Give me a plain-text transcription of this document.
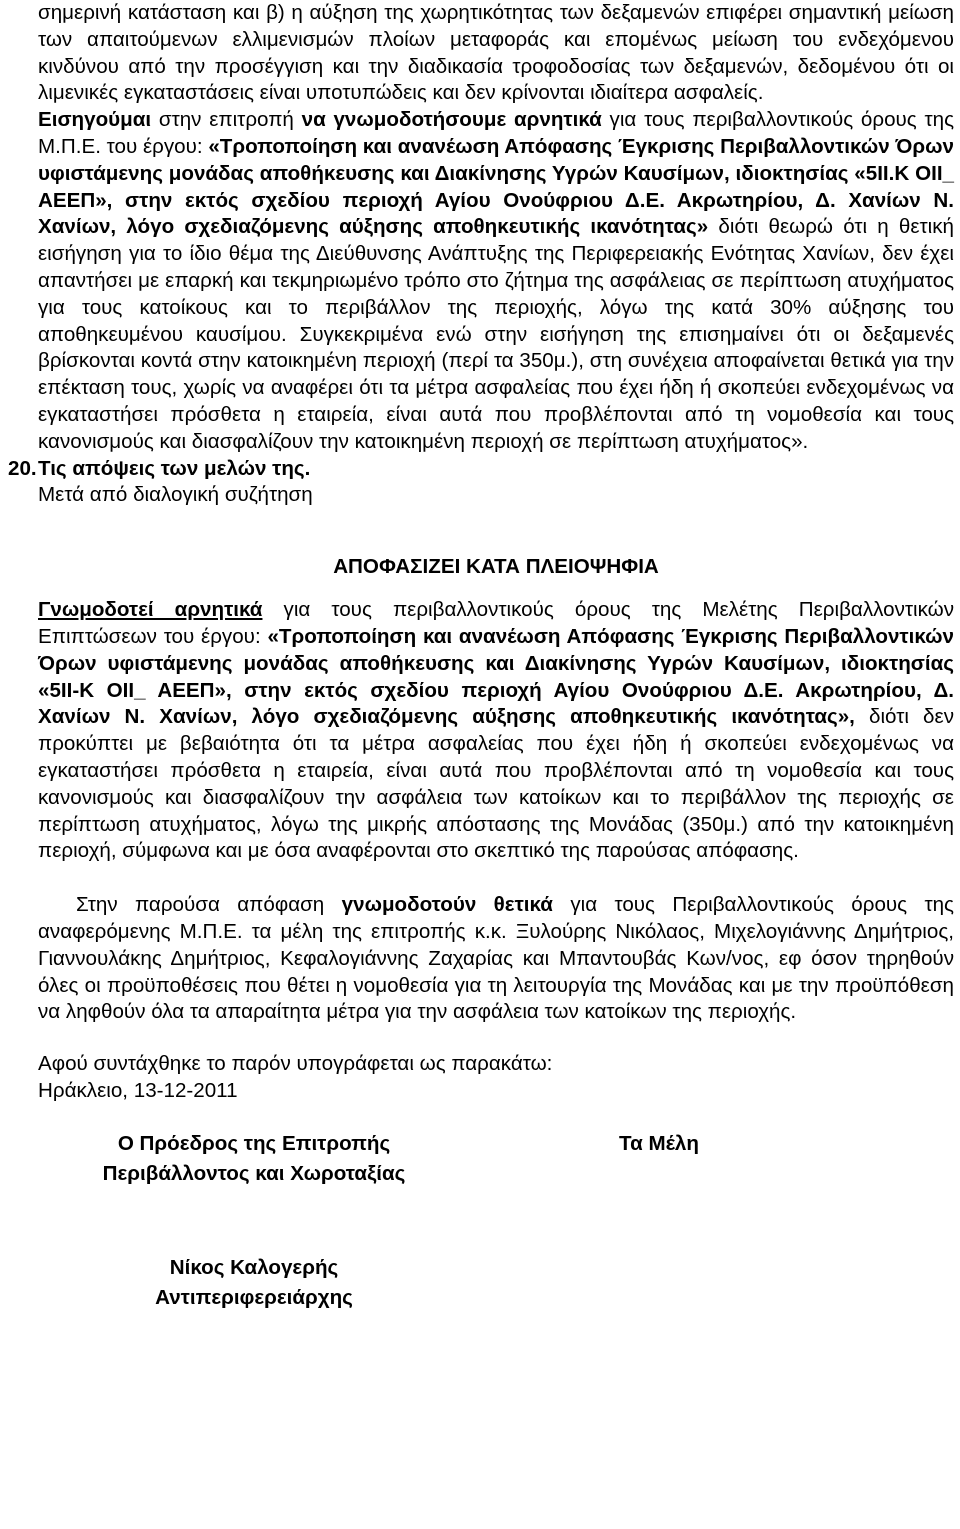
σημερινή κατάσταση και β) η αύξηση της χωρητικότητας των δεξαμενών επιφέρει σημαντική μείωση των απαιτούμενων ελλιμενισμών πλοίων μεταφοράς και επομένως μείωση του ενδεχόμενου κινδύνου από την προσέγγιση και την διαδικασία τροφοδοσίας των δεξαμενών, δεδομένου ότι οι λιμενικές εγκαταστάσεις είναι υποτυπώδεις και δεν κρίνονται ιδιαίτερα ασφαλείς.

Εισηγούμαι στην επιτροπή να γνωμοδοτήσουμε αρνητικά για τους περιβαλλοντικούς όρους της Μ.Π.Ε. του έργου: «Τροποποίηση και ανανέωση Απόφασης Έγκρισης Περιβαλλοντικών Όρων υφιστάμενης μονάδας αποθήκευσης και Διακίνησης Υγρών Καυσίμων, ιδιοκτησίας «5ΙΙ.Κ ΟΙΙ_ ΑΕΕΠ», στην εκτός σχεδίου περιοχή Αγίου Ονούφριου Δ.Ε. Ακρωτηρίου, Δ. Χανίων Ν. Χανίων, λόγο σχεδιαζόμενης αύξησης αποθηκευτικής ικανότητας» διότι θεωρώ ότι η θετική εισήγηση για το ίδιο θέμα της Διεύθυνσης Ανάπτυξης της Περιφερειακής Ενότητας Χανίων, δεν έχει απαντήσει με επαρκή και τεκμηριωμένο τρόπο στο ζήτημα της ασφάλειας σε περίπτωση ατυχήματος για τους κατοίκους και το περιβάλλον της περιοχής, λόγω της κατά 30% αύξησης του αποθηκευμένου καυσίμου. Συγκεκριμένα ενώ στην εισήγηση της επισημαίνει ότι οι δεξαμενές βρίσκονται κοντά στην κατοικημένη περιοχή (περί τα 350μ.), στη συνέχεια αποφαίνεται θετικά για την επέκταση τους, χωρίς να αναφέρει ότι τα μέτρα ασφαλείας που έχει ήδη ή σκοπεύει ενδεχομένως να εγκαταστήσει πρόσθετα η εταιρεία, είναι αυτά που προβλέπονται από τη νομοθεσία και τους κανονισμούς και διασφαλίζουν την κατοικημένη περιοχή σε περίπτωση ατυχήματος».

20.Τις απόψεις των μελών της.

Μετά από διαλογική συζήτηση

ΑΠΟΦΑΣΙΖΕΙ ΚΑΤΑ ΠΛΕΙΟΨΗΦΙΑ

Γνωμοδοτεί αρνητικά για τους περιβαλλοντικούς όρους της Μελέτης Περιβαλλοντικών Επιπτώσεων του έργου: «Τροποποίηση και ανανέωση Απόφασης Έγκρισης Περιβαλλοντικών Όρων υφιστάμενης μονάδας αποθήκευσης και Διακίνησης Υγρών Καυσίμων, ιδιοκτησίας «5ΙΙ-Κ ΟΙΙ_ ΑΕΕΠ», στην εκτός σχεδίου περιοχή Αγίου Ονούφριου Δ.Ε. Ακρωτηρίου, Δ. Χανίων Ν. Χανίων, λόγο σχεδιαζόμενης αύξησης αποθηκευτικής ικανότητας», διότι δεν προκύπτει με βεβαιότητα ότι τα μέτρα ασφαλείας που έχει ήδη ή σκοπεύει ενδεχομένως να εγκαταστήσει πρόσθετα η εταιρεία, είναι αυτά που προβλέπονται από τη νομοθεσία και τους κανονισμούς και διασφαλίζουν την ασφάλεια των κατοίκων και το περιβάλλον της περιοχής σε περίπτωση ατυχήματος, λόγω της μικρής απόστασης της Μονάδας (350μ.) από την κατοικημένη περιοχή, σύμφωνα και με όσα αναφέρονται στο σκεπτικό της παρούσας απόφασης.

Στην παρούσα απόφαση γνωμοδοτούν θετικά για τους Περιβαλλοντικούς όρους της αναφερόμενης Μ.Π.Ε. τα μέλη της επιτροπής κ.κ. Ξυλούρης Νικόλαος, Μιχελογιάννης Δημήτριος, Γιαννουλάκης Δημήτριος, Κεφαλογιάννης Ζαχαρίας και Μπαντουβάς Κων/νος, εφ όσον τηρηθούν όλες οι προϋποθέσεις που θέτει η νομοθεσία για τη λειτουργία της Μονάδας και με την προϋπόθεση να ληφθούν όλα τα απαραίτητα μέτρα για την ασφάλεια των κατοίκων της περιοχής.

Αφού συντάχθηκε το παρόν υπογράφεται ως παρακάτω:

Ηράκλειο, 13-12-2011

Ο Πρόεδρος της Επιτροπής
Περιβάλλοντος και Χωροταξίας
Τα Μέλη
Νίκος Καλογερής
Αντιπεριφερειάρχης
